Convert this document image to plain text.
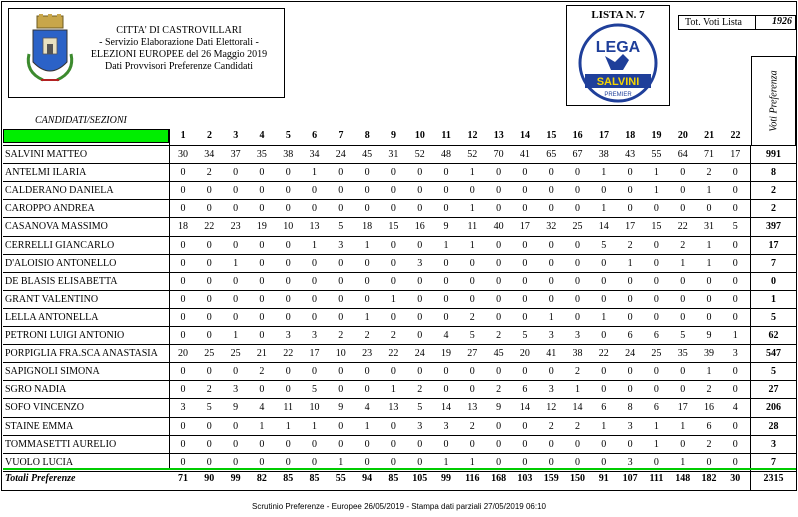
CITTA' DI CASTROVILLARI
- Servizio Elaborazione Dati Elettorali -
ELEZIONI EUROPEE del 26 Maggio 2019
Dati Provvisori Preferenze Candidati
LISTA N. 7
LEGA
SALVINI
PREMIER
Tot. Voti Lista	1926
Voti Preferenza
CANDIDATI/SEZIONI
1	2	3	4	5	6	7	8	9	10	11	12	13	14	15	16	17	18	19	20	21	22
SALVINI MATTEO	30	34	37	35	38	34	24	45	31	52	48	52	70	41	65	67	38	43	55	64	71	17	991
ANTELMI ILARIA	0	2	0	0	0	1	0	0	0	0	0	1	0	0	0	0	1	0	1	0	2	0	8
CALDERANO DANIELA	0	0	0	0	0	0	0	0	0	0	0	0	0	0	0	0	0	0	1	0	1	0	2
CAROPPO ANDREA	0	0	0	0	0	0	0	0	0	0	0	1	0	0	0	0	1	0	0	0	0	0	2
CASANOVA MASSIMO	18	22	23	19	10	13	5	18	15	16	9	11	40	17	32	25	14	17	15	22	31	5	397
CERRELLI GIANCARLO	0	0	0	0	0	1	3	1	0	0	1	1	0	0	0	0	5	2	0	2	1	0	17
D'ALOISIO ANTONELLO	0	0	1	0	0	0	0	0	0	3	0	0	0	0	0	0	0	1	0	1	1	0	7
DE BLASIS ELISABETTA	0	0	0	0	0	0	0	0	0	0	0	0	0	0	0	0	0	0	0	0	0	0	0
GRANT VALENTINO	0	0	0	0	0	0	0	0	1	0	0	0	0	0	0	0	0	0	0	0	0	0	1
LELLA ANTONELLA	0	0	0	0	0	0	0	1	0	0	0	2	0	0	1	0	1	0	0	0	0	0	5
PETRONI LUIGI ANTONIO	0	0	1	0	3	3	2	2	2	0	4	5	2	5	3	3	0	6	6	5	9	1	62
PORPIGLIA FRA.SCA ANASTASIA	20	25	25	21	22	17	10	23	22	24	19	27	45	20	41	38	22	24	25	35	39	3	547
SAPIGNOLI SIMONA	0	0	0	2	0	0	0	0	0	0	0	0	0	0	0	2	0	0	0	0	1	0	5
SGRO NADIA	0	2	3	0	0	5	0	0	1	2	0	0	2	6	3	1	0	0	0	0	2	0	27
SOFO VINCENZO	3	5	9	4	11	10	9	4	13	5	14	13	9	14	12	14	6	8	6	17	16	4	206
STAINE EMMA	0	0	0	1	1	1	0	1	0	3	3	2	0	0	2	2	1	3	1	1	6	0	28
TOMMASETTI AURELIO	0	0	0	0	0	0	0	0	0	0	0	0	0	0	0	0	0	0	1	0	2	0	3
VUOLO LUCIA	0	0	0	0	0	0	1	0	0	0	1	1	0	0	0	0	0	3	0	1	0	0	7
Totali Preferenze	71	90	99	82	85	85	55	94	85	105	99	116	168	103	159	150	91	107	111	148	182	30	2315
Scrutinio Preferenze - Europee 26/05/2019 - Stampa dati parziali 27/05/2019 06:10
